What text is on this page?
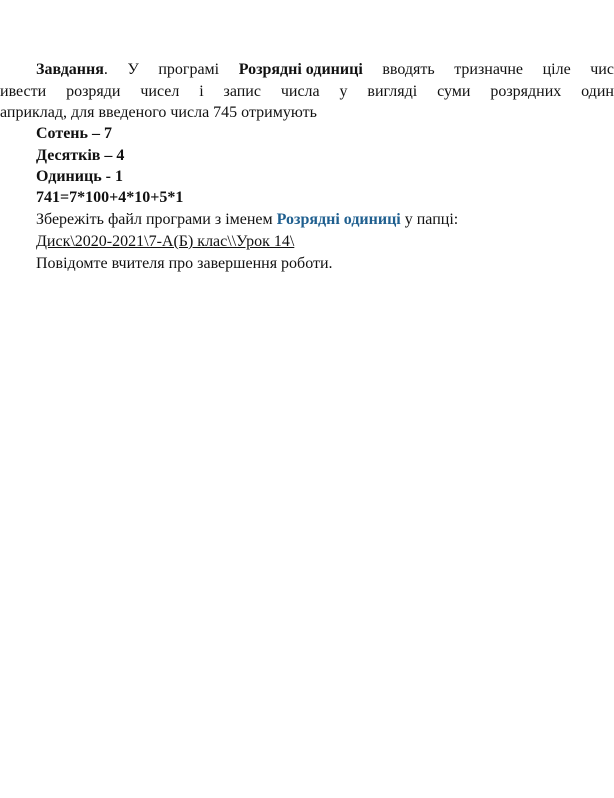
Завдання. У програмі Розрядні одиниці вводять тризначне ціле чис
ивести розряди чисел і запис числа у вигляді суми розрядних один
априклад, для введеного числа 745 отримують
Сотень – 7
Десятків – 4
Одиниць - 1
741=7*100+4*10+5*1
Збережіть файл програми з іменем Розрядні одиниці у папці:
Диск\2020-2021\7-А(Б) клас\\Урок 14\
Повідомте вчителя про завершення роботи.
